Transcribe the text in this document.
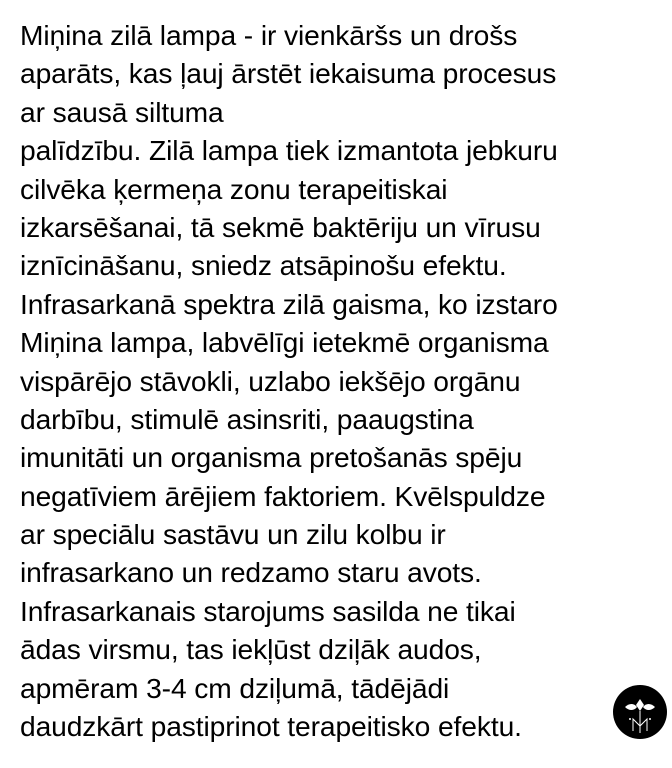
Miņina zilā lampa - ir vienkāršs un drošs
aparāts, kas ļauj ārstēt iekaisuma procesus
ar sausā siltuma
palīdzību. Zilā lampa tiek izmantota jebkuru
cilvēka ķermeņa zonu terapeitiskai
izkarsēšanai, tā sekmē baktēriju un vīrusu
iznīcināšanu, sniedz atsāpinošu efektu.
Infrasarkanā spektra zilā gaisma, ko izstaro
Miņina lampa, labvēlīgi ietekmē organisma
vispārējo stāvokli, uzlabo iekšējo orgānu
darbību, stimulē asinsriti, paaugstina
imunitāti un organisma pretošanās spēju
negatīviem ārējiem faktoriem. Kvēlspuldze
ar speciālu sastāvu un zilu kolbu ir
infrasarkano un redzamo staru avots.
Infrasarkanais starojums sasilda ne tikai
ādas virsmu, tas iekļūst dziļāk audos,
apmēram 3-4 cm dziļumā, tādējādi
daudzkārt pastiprinot terapeitisko efektu.
